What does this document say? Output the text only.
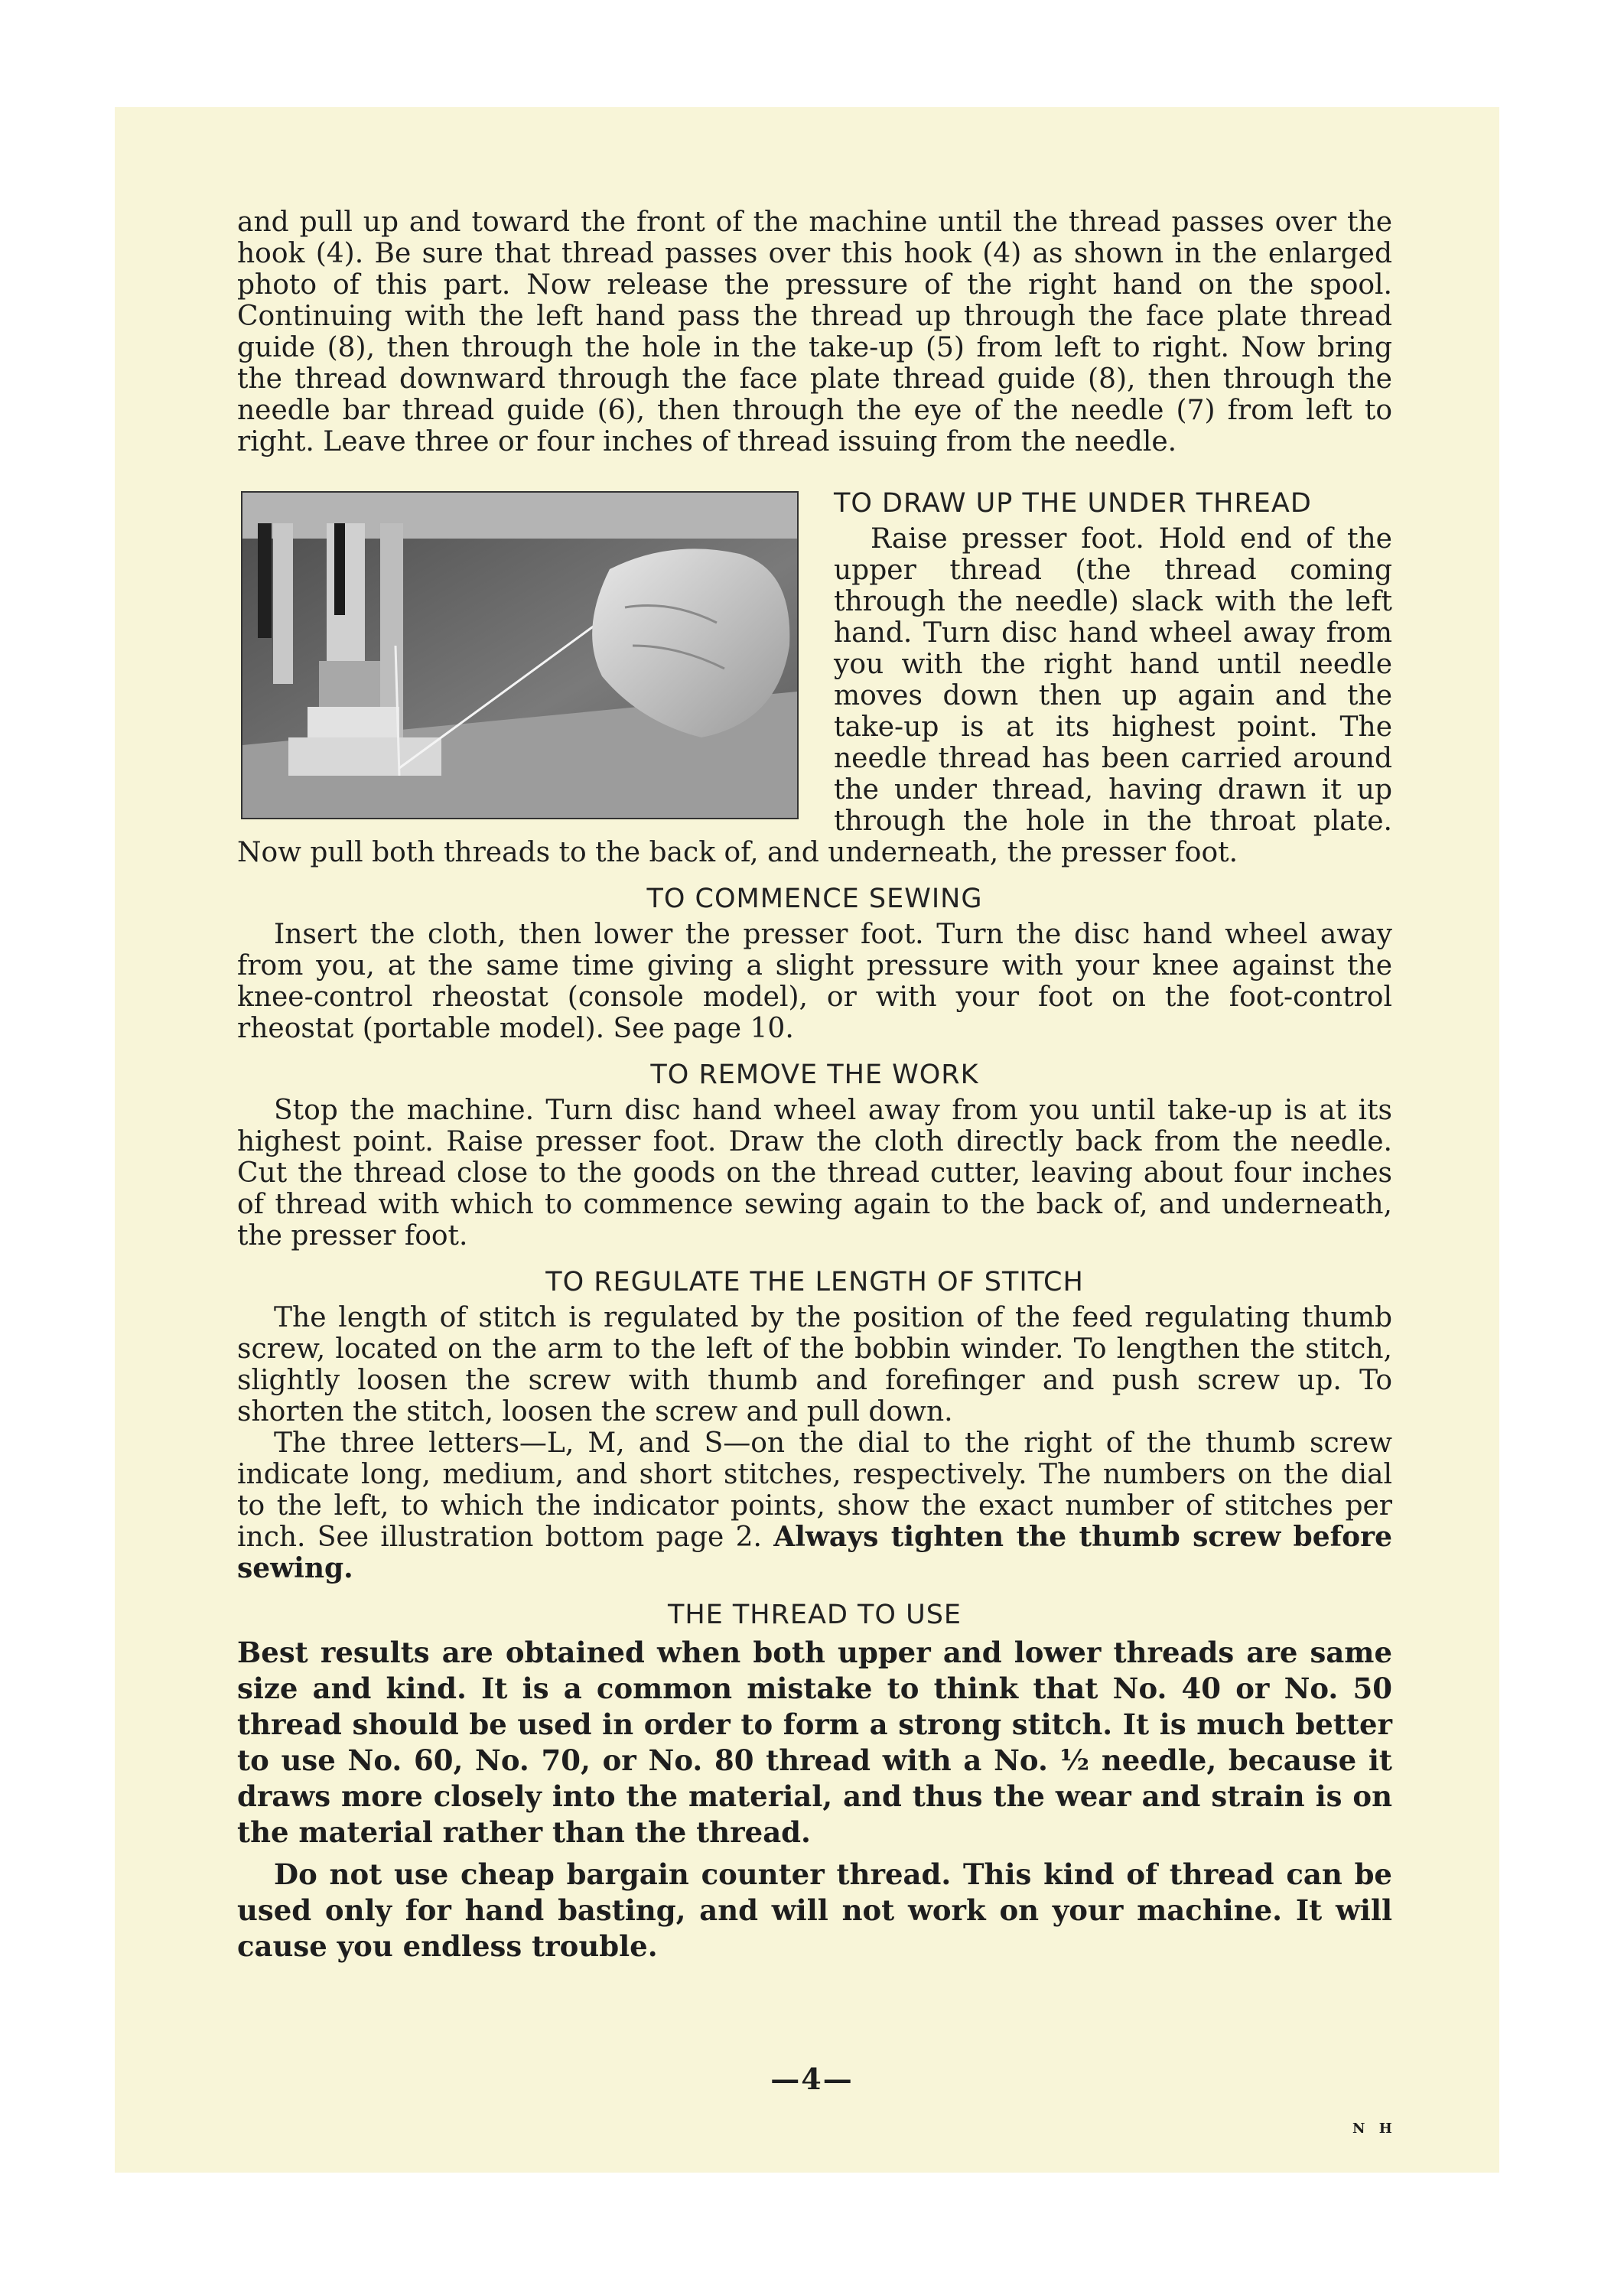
and pull up and toward the front of the machine until the thread passes over the hook (4). Be sure that thread passes over this hook (4) as shown in the enlarged photo of this part. Now release the pressure of the right hand on the spool. Continuing with the left hand pass the thread up through the face plate thread guide (8), then through the hole in the take-up (5) from left to right. Now bring the thread downward through the face plate thread guide (8), then through the needle bar thread guide (6), then through the eye of the needle (7) from left to right. Leave three or four inches of thread issuing from the needle.

TO DRAW UP THE UNDER THREAD

Raise presser foot. Hold end of the upper thread (the thread coming through the needle) slack with the left hand. Turn disc hand wheel away from you with the right hand until needle moves down then up again and the take-up is at its highest point. The needle thread has been carried around the under thread, having drawn it up through the hole in the throat plate. Now pull both threads to the back of, and underneath, the presser foot.

TO COMMENCE SEWING

Insert the cloth, then lower the presser foot. Turn the disc hand wheel away from you, at the same time giving a slight pressure with your knee against the knee-control rheostat (console model), or with your foot on the foot-control rheostat (portable model). See page 10.

TO REMOVE THE WORK

Stop the machine. Turn disc hand wheel away from you until take-up is at its highest point. Raise presser foot. Draw the cloth directly back from the needle. Cut the thread close to the goods on the thread cutter, leaving about four inches of thread with which to commence sewing again to the back of, and underneath, the presser foot.

TO REGULATE THE LENGTH OF STITCH

The length of stitch is regulated by the position of the feed regulating thumb screw, located on the arm to the left of the bobbin winder. To lengthen the stitch, slightly loosen the screw with thumb and forefinger and push screw up. To shorten the stitch, loosen the screw and pull down.

The three letters—L, M, and S—on the dial to the right of the thumb screw indicate long, medium, and short stitches, respectively. The numbers on the dial to the left, to which the indicator points, show the exact number of stitches per inch. See illustration bottom page 2. Always tighten the thumb screw before sewing.

THE THREAD TO USE

Best results are obtained when both upper and lower threads are same size and kind. It is a common mistake to think that No. 40 or No. 50 thread should be used in order to form a strong stitch. It is much better to use No. 60, No. 70, or No. 80 thread with a No. ½ needle, because it draws more closely into the material, and thus the wear and strain is on the material rather than the thread.

Do not use cheap bargain counter thread. This kind of thread can be used only for hand basting, and will not work on your machine. It will cause you endless trouble.

—4—
N H
